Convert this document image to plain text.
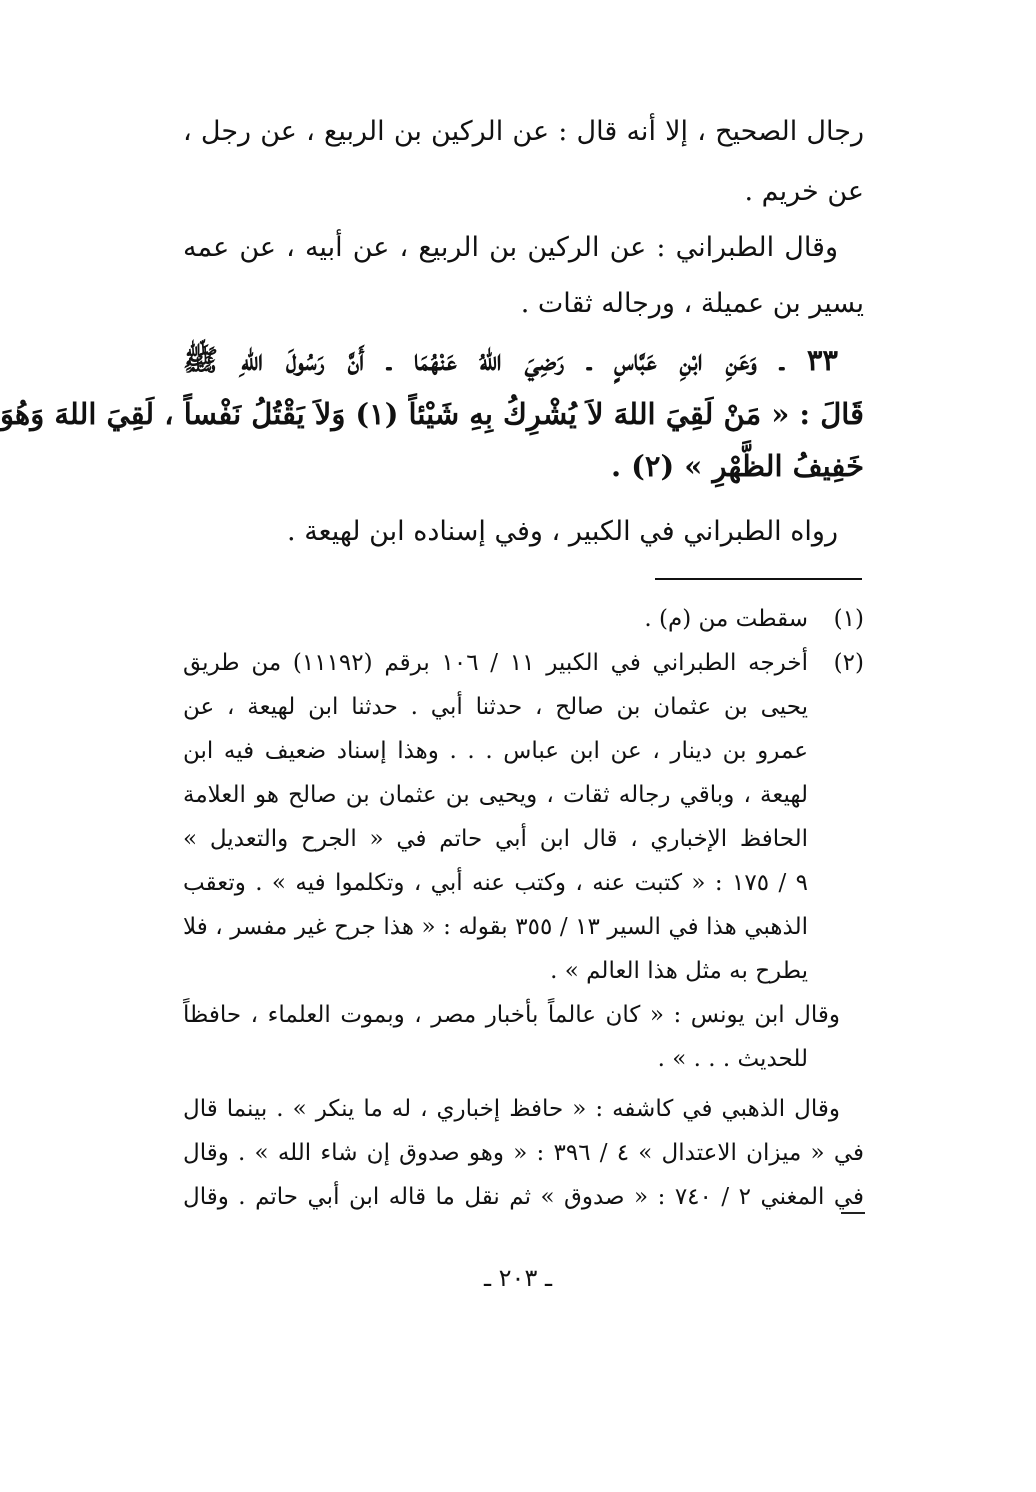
رجال الصحيح ، إلا أنه قال : عن الركين بن الربيع ، عن رجل ،
عن خريم .
وقال الطبراني : عن الركين بن الربيع ، عن أبيه ، عن عمه
يسير بن عميلة ، ورجاله ثقات .
٣٣ ـ وَعَنِ ابْنِ عَبَّاسٍ ـ رَضِيَ اللهُ عَنْهُمَا ـ أَنَّ رَسُولَ اللهِ ﷺ
قَالَ : « مَنْ لَقِيَ اللهَ لاَ يُشْرِكُ بِهِ شَيْئاً (١) وَلاَ يَقْتُلُ نَفْساً ، لَقِيَ اللهَ وَهُوَ
خَفِيفُ الظَّهْرِ » (٢) .
رواه الطبراني في الكبير ، وفي إسناده ابن لهيعة .
(١)
سقطت من (م) .
(٢)
أخرجه الطبراني في الكبير ١١ / ١٠٦ برقم (١١١٩٢) من طريق
يحيى بن عثمان بن صالح ، حدثنا أبي . حدثنا ابن لهيعة ، عن
عمرو بن دينار ، عن ابن عباس . . . وهذا إسناد ضعيف فيه ابن
لهيعة ، وباقي رجاله ثقات ، ويحيى بن عثمان بن صالح هو العلامة
الحافظ الإخباري ، قال ابن أبي حاتم في « الجرح والتعديل »
٩ / ١٧٥ : « كتبت عنه ، وكتب عنه أبي ، وتكلموا فيه » . وتعقب
الذهبي هذا في السير ١٣ / ٣٥٥ بقوله : « هذا جرح غير مفسر ، فلا
يطرح به مثل هذا العالم » .
وقال ابن يونس : « كان عالماً بأخبار مصر ، وبموت العلماء ، حافظاً
للحديث . . . » .
وقال الذهبي في كاشفه : « حافظ إخباري ، له ما ينكر » . بينما قال
في « ميزان الاعتدال » ٤ / ٣٩٦ : « وهو صدوق إن شاء الله » . وقال
في المغني ٢ / ٧٤٠ : « صدوق » ثم نقل ما قاله ابن أبي حاتم . وقال
ـ ٢٠٣ ـ
